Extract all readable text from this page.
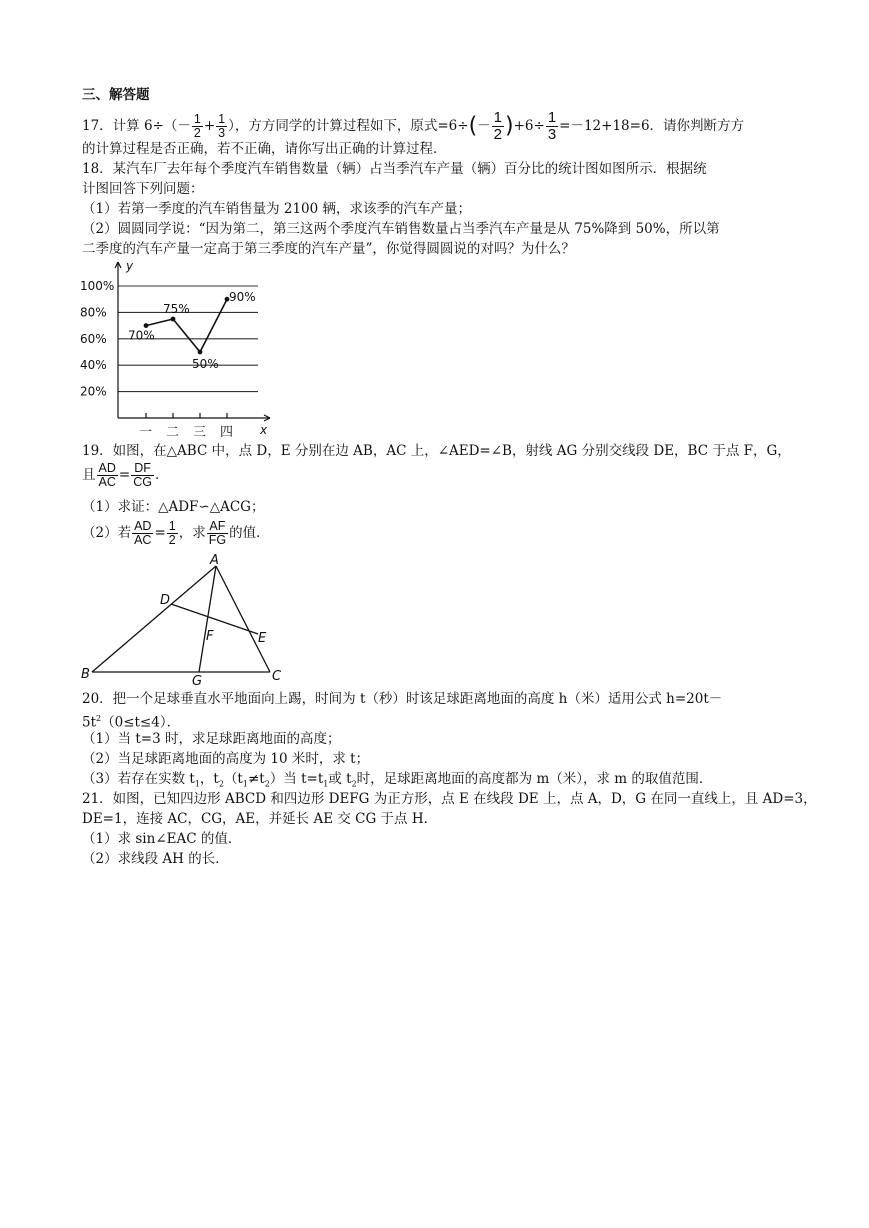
三、解答题
17．计算 $6\div(- \frac{1}{2} + \frac{1}{3}$ ），方方同学的计算过程如下，原式$=6\div(- \frac{1}{2} )+6\div \frac{1}{3} =-12+18=6$．请你判断方方
的计算过程是否正确，若不正确，请你写出正确的计算过程．
18．某汽车厂去年每个季度汽车销售数量（辆）占当季汽车产量（辆）百分比的统计图如图所示．根据统
计图回答下列问题：
（1）若第一季度的汽车销售量为 2100 辆，求该季的汽车产量；
（2）圆圆同学说：“因为第二，第三这两个季度汽车销售数量占当季汽车产量是从 75%降到 50%，所以第
二季度的汽车产量一定高于第三季度的汽车产量”，你觉得圆圆说的对吗？为什么？
20%
40%
60%
80%
100%
y
x
一 二 三 四
70%
75%
50%
90%
19．如图，在△ABC 中，点 D，E 分别在边 AB，AC 上，∠AED=∠B，射线 AG 分别交线段 DE，BC 于点 F，G，
且 $\frac{AD}{AC} = \frac{DF}{CG}$ ．
（1）求证：△ADF∽△ACG；
（2）若 $\frac{AD}{AC} = \frac{1}{2}$ ，求 $\frac{AF}{FG}$ 的值．
A
B	C
D
E
F
G
20．把一个足球垂直水平地面向上踢，时间为 t（秒）时该足球距离地面的高度 h（米）适用公式 h=20t－
$5t^2(0\le t\le 4)$．
（1）当 t=3 时，求足球距离地面的高度；
（2）当足球距离地面的高度为 10 米时，求 t；
（3）若存在实数 $t_1$，$t_2(t_1\ne t_2)$当 $t=t_1$或 $t_2$时，足球距离地面的高度都为 m（米），求 m 的取值范围．
21．如图，已知四边形 ABCD 和四边形 DEFG 为正方形，点 E 在线段 DE 上，点 A，D，G 在同一直线上，且 AD=3，
DE=1，连接 AC，CG，AE，并延长 AE 交 CG 于点 H．
（1）求 sin∠EAC 的值．
（2）求线段 AH 的长．
